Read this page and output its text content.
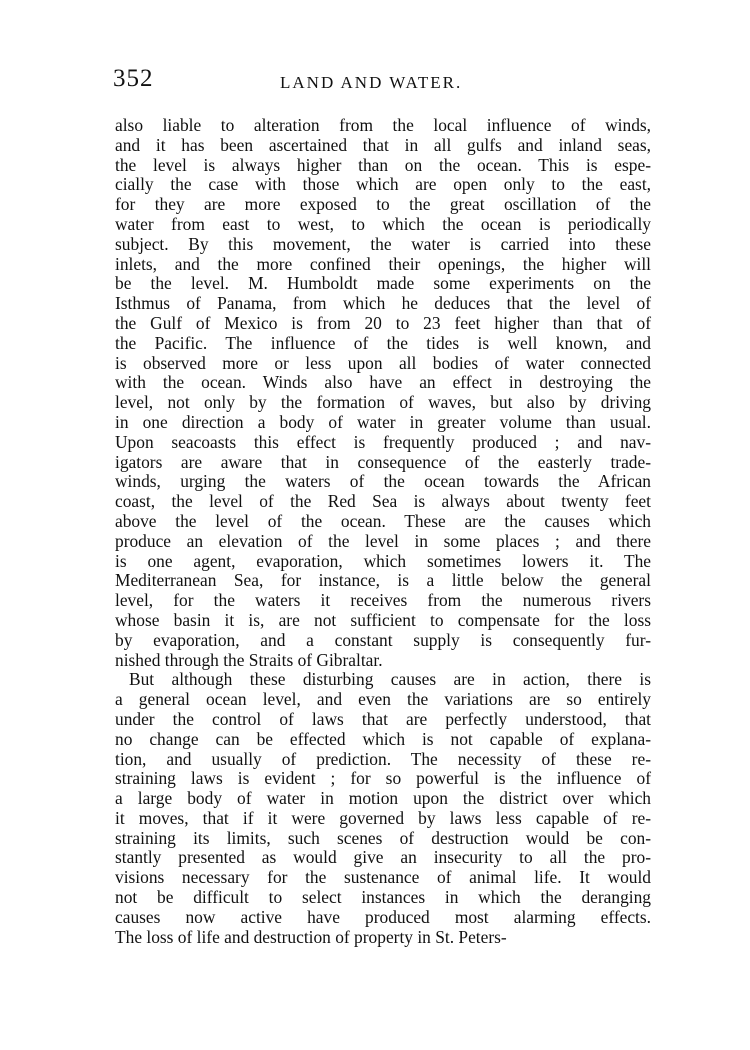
352	LAND AND WATER.
also liable to alteration from the local influence of winds,
and it has been ascertained that in all gulfs and inland seas,
the level is always higher than on the ocean. This is espe-
cially the case with those which are open only to the east,
for they are more exposed to the great oscillation of the
water from east to west, to which the ocean is periodically
subject. By this movement, the water is carried into these
inlets, and the more confined their openings, the higher will
be the level. M. Humboldt made some experiments on the
Isthmus of Panama, from which he deduces that the level of
the Gulf of Mexico is from 20 to 23 feet higher than that of
the Pacific. The influence of the tides is well known, and
is observed more or less upon all bodies of water connected
with the ocean. Winds also have an effect in destroying the
level, not only by the formation of waves, but also by driving
in one direction a body of water in greater volume than usual.
Upon seacoasts this effect is frequently produced ; and nav-
igators are aware that in consequence of the easterly trade-
winds, urging the waters of the ocean towards the African
coast, the level of the Red Sea is always about twenty feet
above the level of the ocean. These are the causes which
produce an elevation of the level in some places ; and there
is one agent, evaporation, which sometimes lowers it. The
Mediterranean Sea, for instance, is a little below the general
level, for the waters it receives from the numerous rivers
whose basin it is, are not sufficient to compensate for the loss
by evaporation, and a constant supply is consequently fur-
nished through the Straits of Gibraltar.
But although these disturbing causes are in action, there is
a general ocean level, and even the variations are so entirely
under the control of laws that are perfectly understood, that
no change can be effected which is not capable of explana-
tion, and usually of prediction. The necessity of these re-
straining laws is evident ; for so powerful is the influence of
a large body of water in motion upon the district over which
it moves, that if it were governed by laws less capable of re-
straining its limits, such scenes of destruction would be con-
stantly presented as would give an insecurity to all the pro-
visions necessary for the sustenance of animal life. It would
not be difficult to select instances in which the deranging
causes now active have produced most alarming effects.
The loss of life and destruction of property in St. Peters-
